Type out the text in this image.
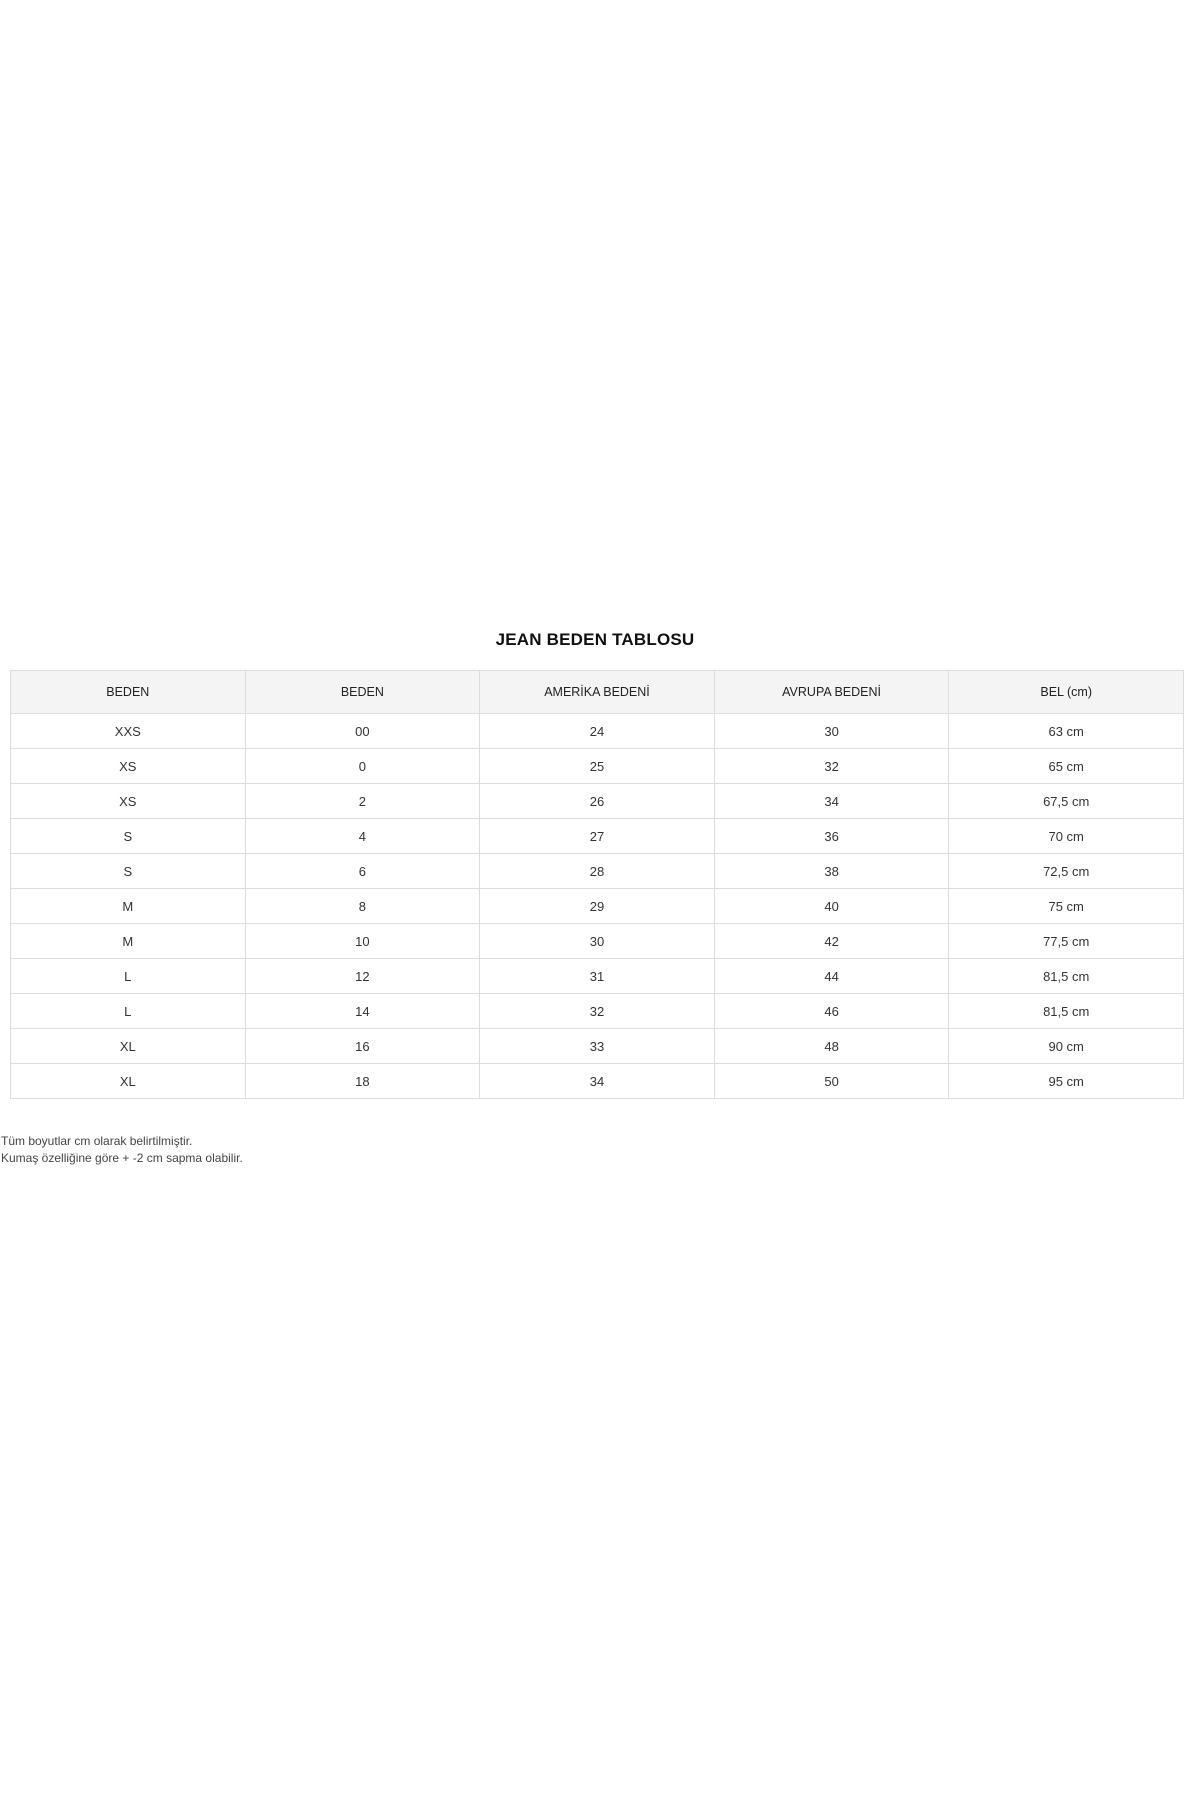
JEAN BEDEN TABLOSU
BEDEN	BEDEN	AMERİKA BEDENİ	AVRUPA BEDENİ	BEL (cm)
XXS	00	24	30	63 cm
XS	0	25	32	65 cm
XS	2	26	34	67,5 cm
S	4	27	36	70 cm
S	6	28	38	72,5 cm
M	8	29	40	75 cm
M	10	30	42	77,5 cm
L	12	31	44	81,5 cm
L	14	32	46	81,5 cm
XL	16	33	48	90 cm
XL	18	34	50	95 cm

Tüm boyutlar cm olarak belirtilmiştir.

Kumaş özelliğine göre + -2 cm sapma olabilir.
